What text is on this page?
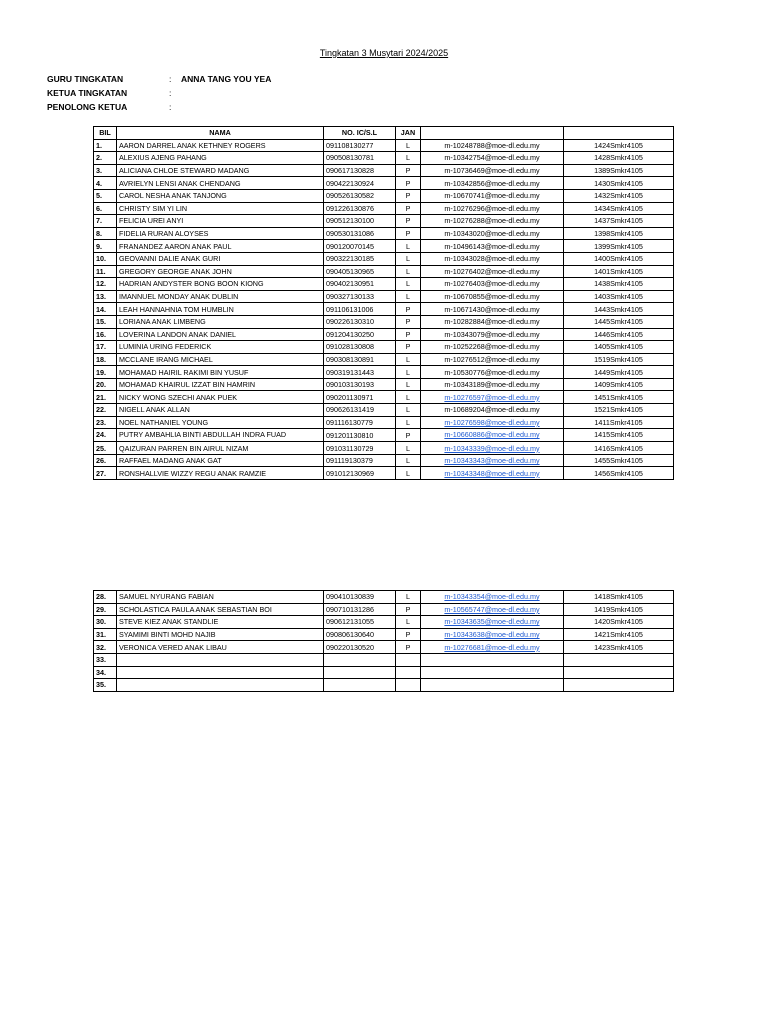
Tingkatan 3 Musytari 2024/2025
GURU TINGKATAN	: ANNA TANG YOU YEA
KETUA TINGKATAN	:
PENOLONG KETUA	:
BIL	NAMA	NO. IC/S.L	JAN		
1.	AARON DARREL ANAK KETHNEY ROGERS	091108130277	L	m-10248788@moe-dl.edu.my	1424Smkr4105
2.	ALEXIUS AJENG PAHANG	090508130781	L	m-10342754@moe-dl.edu.my	1428Smkr4105
3.	ALICIANA CHLOE STEWARD MADANG	090617130828	P	m-10736469@moe-dl.edu.my	1389Smkr4105
4.	AVRIELYN LENSI ANAK CHENDANG	090422130924	P	m-10342856@moe-dl.edu.my	1430Smkr4105
5.	CAROL NESHA ANAK TANJONG	090526130582	P	m-10670741@moe-dl.edu.my	1432Smkr4105
6.	CHRISTY SIM YI LIN	091226130876	P	m-10276296@moe-dl.edu.my	1434Smkr4105
7.	FELICIA UREI ANYI	090512130100	P	m-10276288@moe-dl.edu.my	1437Smkr4105
8.	FIDELIA RURAN ALOYSES	090530131086	P	m-10343020@moe-dl.edu.my	1398Smkr4105
9.	FRANANDEZ AARON ANAK PAUL	090120070145	L	m-10496143@moe-dl.edu.my	1399Smkr4105
10.	GEOVANNI DALIE ANAK GURI	090322130185	L	m-10343028@moe-dl.edu.my	1400Smkr4105
11.	GREGORY GEORGE ANAK JOHN	090405130965	L	m-10276402@moe-dl.edu.my	1401Smkr4105
12.	HADRIAN ANDYSTER BONG BOON KIONG	090402130951	L	m-10276403@moe-dl.edu.my	1438Smkr4105
13.	IMANNUEL MONDAY ANAK DUBLIN	090327130133	L	m-10670855@moe-dl.edu.my	1403Smkr4105
14.	LEAH HANNAHNIA TOM HUMBLIN	091106131006	P	m-10671430@moe-dl.edu.my	1443Smkr4105
15.	LORIANA ANAK LIMBENG	090226130310	P	m-10282884@moe-dl.edu.my	1445Smkr4105
16.	LOVERINA LANDON ANAK DANIEL	091204130250	P	m-10343079@moe-dl.edu.my	1446Smkr4105
17.	LUMINIA URING FEDERICK	091028130808	P	m-10252268@moe-dl.edu.my	1405Smkr4105
18.	MCCLANE IRANG MICHAEL	090308130891	L	m-10276512@moe-dl.edu.my	1519Smkr4105
19.	MOHAMAD HAIRIL RAKIMI BIN YUSUF	090319131443	L	m-10530776@moe-dl.edu.my	1449Smkr4105
20.	MOHAMAD KHAIRUL IZZAT BIN HAMRIN	090103130193	L	m-10343189@moe-dl.edu.my	1409Smkr4105
21.	NICKY WONG SZECHI ANAK PUEK	090201130971	L	m-10276597@moe-dl.edu.my	1451Smkr4105
22.	NIGELL ANAK ALLAN	090626131419	L	m-10689204@moe-dl.edu.my	1521Smkr4105
23.	NOEL NATHANIEL YOUNG	091116130779	L	m-10276598@moe-dl.edu.my	1411Smkr4105
24.	PUTRY AMBAHLIA BINTI ABDULLAH INDRA FUAD	091201130810	P	m-10660886@moe-dl.edu.my	1415Smkr4105
25.	QAIZURAN PARREN BIN AIRUL NIZAM	091031130729	L	m-10343339@moe-dl.edu.my	1416Smkr4105
26.	RAFFAEL MADANG ANAK GAT	091119130379	L	m-10343343@moe-dl.edu.my	1455Smkr4105
27.	RONSHALLVIE WIZZY REGU ANAK RAMZIE	091012130969	L	m-10343348@moe-dl.edu.my	1456Smkr4105
28.	SAMUEL NYURANG FABIAN	090410130839	L	m-10343354@moe-dl.edu.my	1418Smkr4105
29.	SCHOLASTICA PAULA ANAK SEBASTIAN BOI	090710131286	P	m-10565747@moe-dl.edu.my	1419Smkr4105
30.	STEVE KIEZ ANAK STANDLIE	090612131055	L	m-10343635@moe-dl.edu.my	1420Smkr4105
31.	SYAMIMI BINTI MOHD NAJIB	090806130640	P	m-10343638@moe-dl.edu.my	1421Smkr4105
32.	VERONICA VERED ANAK LIBAU	090220130520	P	m-10276681@moe-dl.edu.my	1423Smkr4105
33.					
34.					
35.					
